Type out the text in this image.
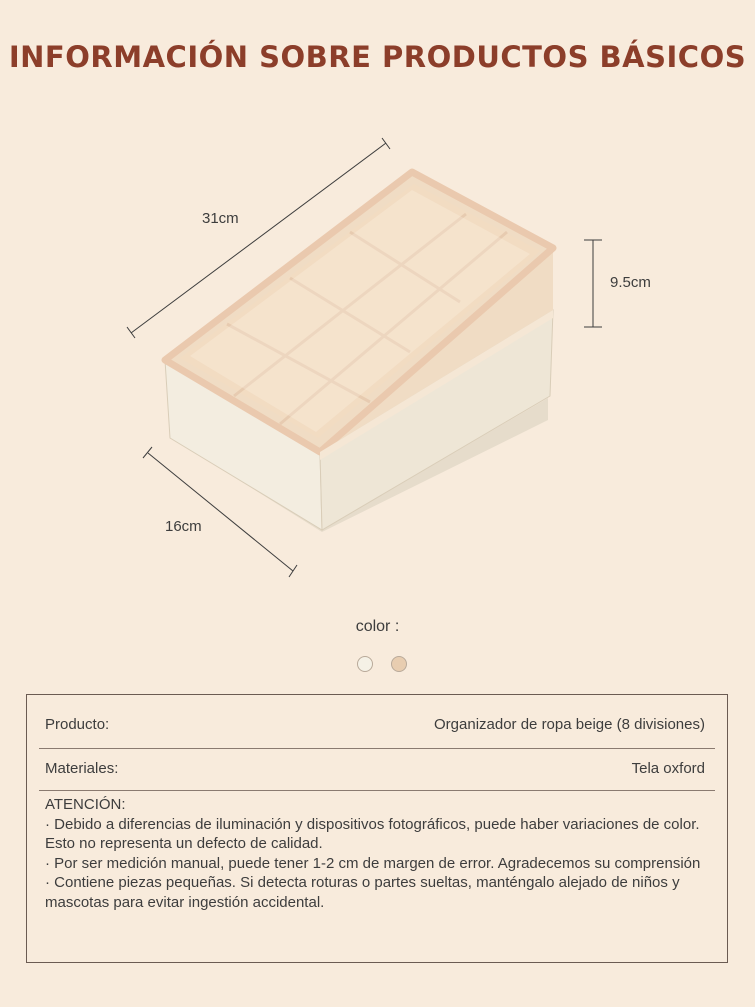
INFORMACIÓN SOBRE PRODUCTOS BÁSICOS
31cm
9.5cm
16cm
color :
Producto:	Organizador de ropa beige (8 divisiones)
Materiales:	Tela oxford

ATENCIÓN:

· Debido a diferencias de iluminación y dispositivos fotográficos, puede haber variaciones de color. Esto no representa un defecto de calidad.

· Por ser medición manual, puede tener 1-2 cm de margen de error. Agradecemos su comprensión

· Contiene piezas pequeñas. Si detecta roturas o partes sueltas, manténgalo alejado de niños y mascotas para evitar ingestión accidental.
